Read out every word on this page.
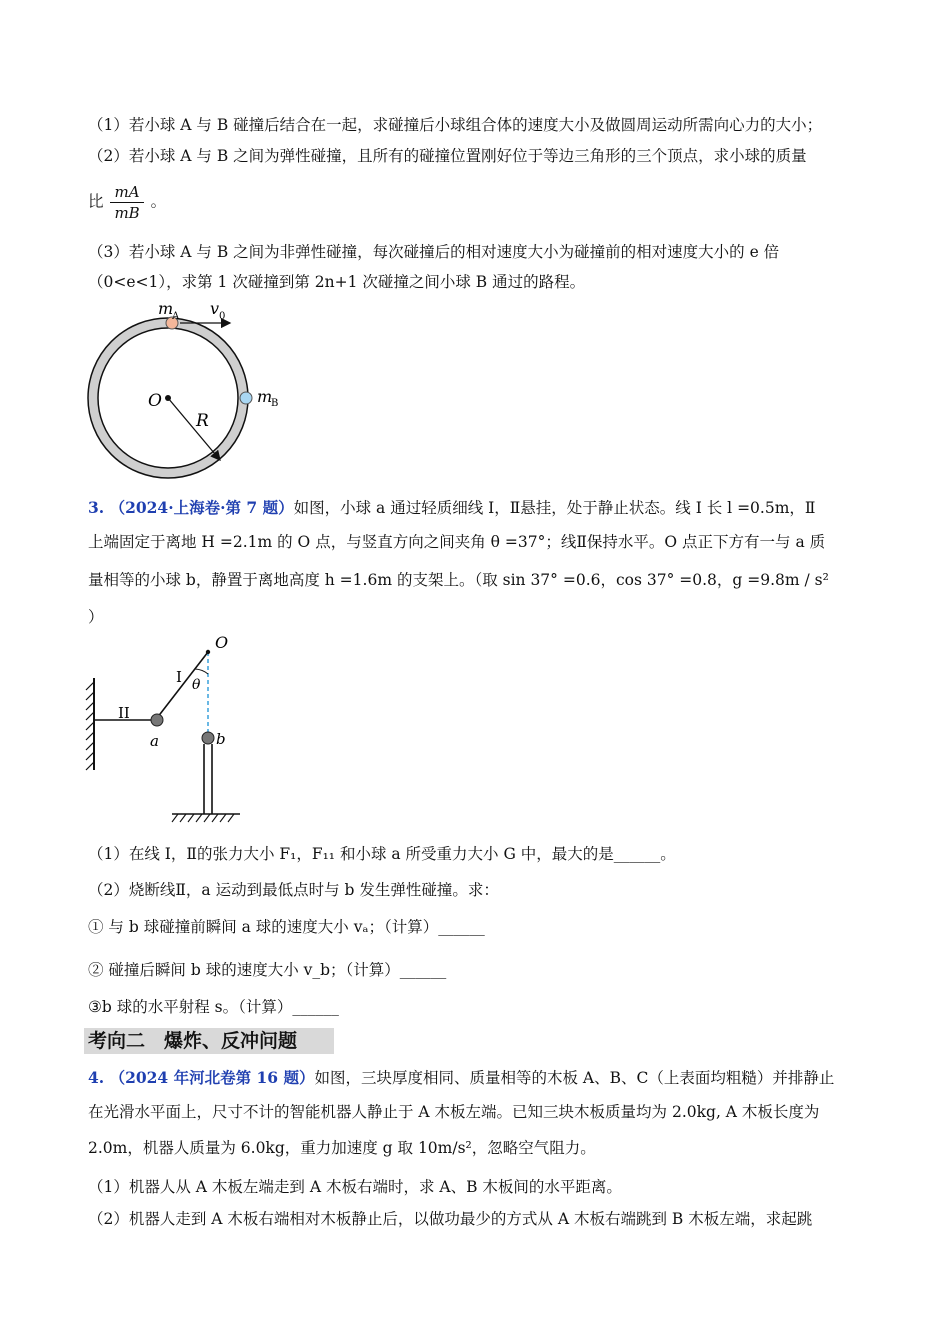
（1）若小球 A 与 B 碰撞后结合在一起，求碰撞后小球组合体的速度大小及做圆周运动所需向心力的大小；
（2）若小球 A 与 B 之间为弹性碰撞，且所有的碰撞位置刚好位于等边三角形的三个顶点，求小球的质量
比 $\frac{mA}{mB}$ 。
（3）若小球 A 与 B 之间为非弹性碰撞，每次碰撞后的相对速度大小为碰撞前的相对速度大小的 e 倍
（0<e<1），求第 1 次碰撞到第 2n+1 次碰撞之间小球 B 通过的路程。
m
A v 0
O
R
m
B
3. （2024·上海卷·第 7 题）如图，小球 a 通过轻质细线 I，Ⅱ悬挂，处于静止状态。线 I 长 l =0.5m，Ⅱ
上端固定于离地 H =2.1m 的 O 点，与竖直方向之间夹角 θ =37°；线Ⅱ保持水平。O 点正下方有一与 a 质
量相等的小球 b，静置于离地高度 h =1.6m 的支架上。（取 sin 37° =0.6，cos 37° =0.8，g =9.8m / s²
）
O
I θ
II
a	b
（1）在线 I，Ⅱ的张力大小 F₁，F₁₁ 和小球 a 所受重力大小 G 中，最大的是______。
（2）烧断线Ⅱ，a 运动到最低点时与 b 发生弹性碰撞。求：
① 与 b 球碰撞前瞬间 a 球的速度大小 vₐ；（计算）______
② 碰撞后瞬间 b 球的速度大小 v_b；（计算）______
③b 球的水平射程 s。（计算）______
考向二　爆炸、反冲问题
4. （2024 年河北卷第 16 题）如图，三块厚度相同、质量相等的木板 A、B、C（上表面均粗糙）并排静止
在光滑水平面上，尺寸不计的智能机器人静止于 A 木板左端。已知三块木板质量均为 2.0kg, A 木板长度为
2.0m，机器人质量为 6.0kg，重力加速度 g 取 10m/s²，忽略空气阻力。
（1）机器人从 A 木板左端走到 A 木板右端时，求 A、B 木板间的水平距离。
（2）机器人走到 A 木板右端相对木板静止后，以做功最少的方式从 A 木板右端跳到 B 木板左端，求起跳
